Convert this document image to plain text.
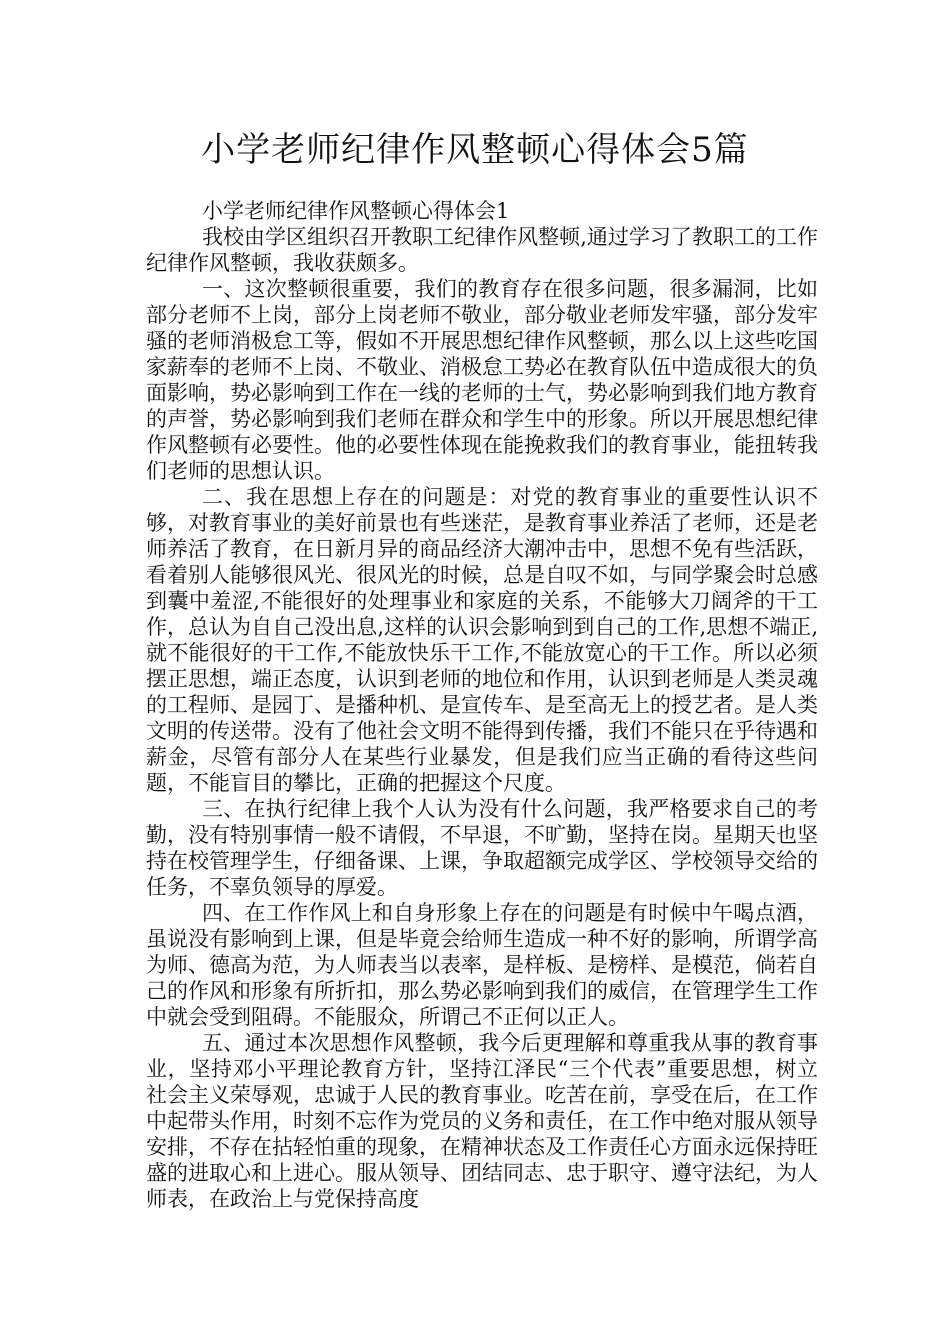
小学老师纪律作风整顿心得体会5篇

小学老师纪律作风整顿心得体会1

我校由学区组织召开教职工纪律作风整顿,通过学习了教职工的工作纪律作风整顿，我收获颇多。

一、这次整顿很重要，我们的教育存在很多问题，很多漏洞，比如部分老师不上岗，部分上岗老师不敬业，部分敬业老师发牢骚，部分发牢骚的老师消极怠工等，假如不开展思想纪律作风整顿，那么以上这些吃国家薪奉的老师不上岗、不敬业、消极怠工势必在教育队伍中造成很大的负面影响，势必影响到工作在一线的老师的士气，势必影响到我们地方教育的声誉，势必影响到我们老师在群众和学生中的形象。所以开展思想纪律作风整顿有必要性。他的必要性体现在能挽救我们的教育事业，能扭转我们老师的思想认识。

二、我在思想上存在的问题是：对党的教育事业的重要性认识不够，对教育事业的美好前景也有些迷茫，是教育事业养活了老师，还是老师养活了教育，在日新月异的商品经济大潮冲击中，思想不免有些活跃，看着别人能够很风光、很风光的时候，总是自叹不如，与同学聚会时总感到囊中羞涩,不能很好的处理事业和家庭的关系，不能够大刀阔斧的干工作，总认为自自己没出息,这样的认识会影响到到自己的工作,思想不端正,就不能很好的干工作,不能放快乐干工作,不能放宽心的干工作。所以必须摆正思想，端正态度，认识到老师的地位和作用，认识到老师是人类灵魂的工程师、是园丁、是播种机、是宣传车、是至高无上的授艺者。是人类文明的传送带。没有了他社会文明不能得到传播，我们不能只在乎待遇和薪金，尽管有部分人在某些行业暴发，但是我们应当正确的看待这些问题，不能盲目的攀比，正确的把握这个尺度。

三、在执行纪律上我个人认为没有什么问题，我严格要求自己的考勤，没有特别事情一般不请假，不早退，不旷勤，坚持在岗。星期天也坚持在校管理学生，仔细备课、上课，争取超额完成学区、学校领导交给的任务，不辜负领导的厚爱。

四、在工作作风上和自身形象上存在的问题是有时候中午喝点酒，虽说没有影响到上课，但是毕竟会给师生造成一种不好的影响，所谓学高为师、德高为范，为人师表当以表率，是样板、是榜样、是模范，倘若自己的作风和形象有所折扣，那么势必影响到我们的威信，在管理学生工作中就会受到阻碍。不能服众，所谓己不正何以正人。

五、通过本次思想作风整顿，我今后更理解和尊重我从事的教育事业，坚持邓小平理论教育方针，坚持江泽民“三个代表”重要思想，树立社会主义荣辱观，忠诚于人民的教育事业。吃苦在前，享受在后，在工作中起带头作用，时刻不忘作为党员的义务和责任，在工作中绝对服从领导安排，不存在拈轻怕重的现象，在精神状态及工作责任心方面永远保持旺盛的进取心和上进心。服从领导、团结同志、忠于职守、遵守法纪，为人师表，在政治上与党保持高度
